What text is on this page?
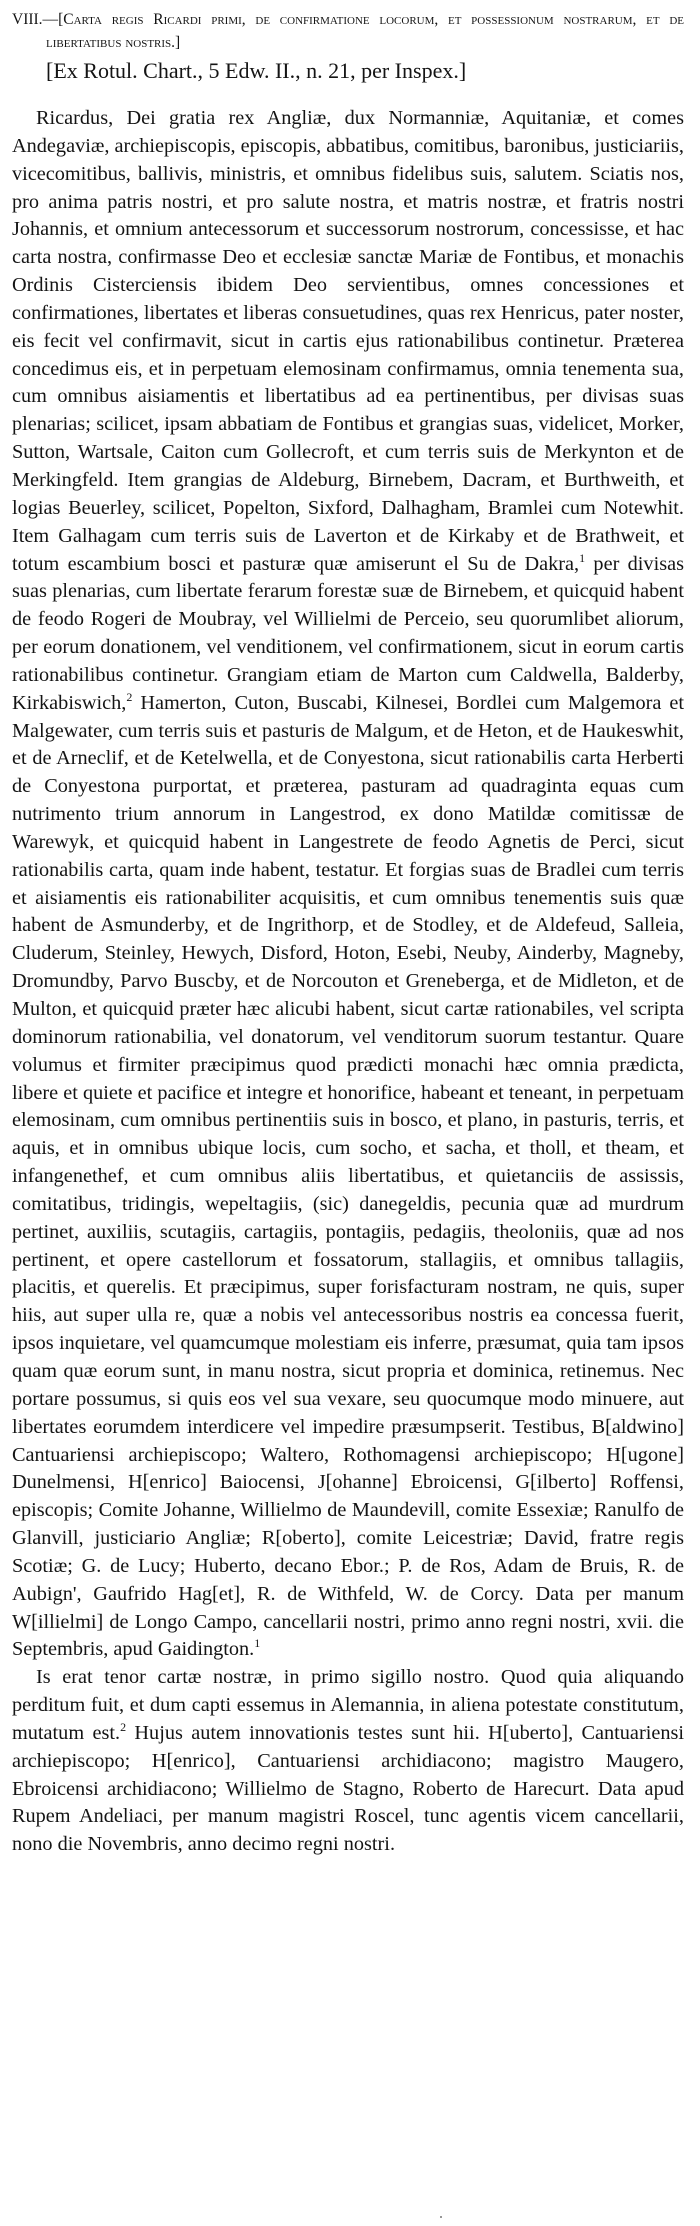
VIII.—[Carta regis Ricardi primi, de confirmatione locorum, et possessionum nostrarum, et de libertatibus nostris.]
[Ex Rotul. Chart., 5 Edw. II., n. 21, per Inspex.]

Ricardus, Dei gratia rex Angliæ, dux Normanniæ, Aquitaniæ, et comes Andegaviæ, archiepiscopis, episcopis, abbatibus, comitibus, baronibus, justiciariis, vicecomitibus, ballivis, ministris, et omnibus fidelibus suis, salutem. Sciatis nos, pro anima patris nostri, et pro salute nostra, et matris nostræ, et fratris nostri Johannis, et omnium antecessorum et successorum nostrorum, concessisse, et hac carta nostra, confirmasse Deo et ecclesiæ sanctæ Mariæ de Fontibus, et monachis Ordinis Cisterciensis ibidem Deo servientibus, omnes concessiones et confirmationes, libertates et liberas consuetudines, quas rex Henricus, pater noster, eis fecit vel confirmavit, sicut in cartis ejus rationabilibus continetur. Præterea concedimus eis, et in perpetuam elemosinam confirmamus, omnia tenementa sua, cum omnibus aisiamentis et libertatibus ad ea pertinentibus, per divisas suas plenarias; scilicet, ipsam abbatiam de Fontibus et grangias suas, videlicet, Morker, Sutton, Wartsale, Caiton cum Gollecroft, et cum terris suis de Merkynton et de Merkingfeld. Item grangias de Aldeburg, Birnebem, Dacram, et Burthweith, et logias Beuerley, scilicet, Popelton, Sixford, Dalhagham, Bramlei cum Notewhit. Item Galhagam cum terris suis de Laverton et de Kirkaby et de Brathweit, et totum escambium bosci et pasturæ quæ amiserunt el Su de Dakra,$^1$ per divisas suas plenarias, cum libertate ferarum forestæ suæ de Birnebem, et quicquid habent de feodo Rogeri de Moubray, vel Willielmi de Perceio, seu quorumlibet aliorum, per eorum donationem, vel venditionem, vel confirmationem, sicut in eorum cartis rationabilibus continetur. Grangiam etiam de Marton cum Caldwella, Balderby, Kirkabiswich,$^2$ Hamerton, Cuton, Buscabi, Kilnesei, Bordlei cum Malgemora et Malgewater, cum terris suis et pasturis de Malgum, et de Heton, et de Haukeswhit, et de Arneclif, et de Ketelwella, et de Conyestona, sicut rationabilis carta Herberti de Conyestona purportat, et præterea, pasturam ad quadraginta equas cum nutrimento trium annorum in Langestrod, ex dono Matildæ comitissæ de Warewyk, et quicquid habent in Langestrete de feodo Agnetis de Perci, sicut rationabilis carta, quam inde habent, testatur. Et forgias suas de Bradlei cum terris et aisiamentis eis rationabiliter acquisitis, et cum omnibus tenementis suis quæ habent de Asmunderby, et de Ingrithorp, et de Stodley, et de Aldefeud, Salleia, Cluderum, Steinley, Hewych, Disford, Hoton, Esebi, Neuby, Ainderby, Magneby, Dromundby, Parvo Buscby, et de Norcouton et Greneberga, et de Midleton, et de Multon, et quicquid præter hæc alicubi habent, sicut cartæ rationabiles, vel scripta dominorum rationabilia, vel donatorum, vel venditorum suorum testantur. Quare volumus et firmiter præcipimus quod prædicti monachi hæc omnia prædicta, libere et quiete et pacifice et integre et honorifice, habeant et teneant, in perpetuam elemosinam, cum omnibus pertinentiis suis in bosco, et plano, in pasturis, terris, et aquis, et in omnibus ubique locis, cum socho, et sacha, et tholl, et theam, et infangenethef, et cum omnibus aliis libertatibus, et quietanciis de assissis, comitatibus, tridingis, wepeltagiis, (sic) danegeldis, pecunia quæ ad murdrum pertinet, auxiliis, scutagiis, cartagiis, pontagiis, pedagiis, theoloniis, quæ ad nos pertinent, et opere castellorum et fossatorum, stallagiis, et omnibus tallagiis, placitis, et querelis. Et præcipimus, super forisfacturam nostram, ne quis, super hiis, aut super ulla re, quæ a nobis vel antecessoribus nostris ea concessa fuerit, ipsos inquietare, vel quamcumque molestiam eis inferre, præsumat, quia tam ipsos quam quæ eorum sunt, in manu nostra, sicut propria et dominica, retinemus. Nec portare possumus, si quis eos vel sua vexare, seu quocumque modo minuere, aut libertates eorumdem interdicere vel impedire præsumpserit. Testibus, B[aldwino] Cantuariensi archiepiscopo; Waltero, Rothomagensi archiepiscopo; H[ugone] Dunelmensi, H[enrico] Baiocensi, J[ohanne] Ebroicensi, G[ilberto] Roffensi, episcopis; Comite Johanne, Willielmo de Maundevill, comite Essexiæ; Ranulfo de Glanvill, justiciario Angliæ; R[oberto], comite Leicestriæ; David, fratre regis Scotiæ; G. de Lucy; Huberto, decano Ebor.; P. de Ros, Adam de Bruis, R. de Aubign', Gaufrido Hag[et], R. de Withfeld, W. de Corcy. Data per manum W[illielmi] de Longo Campo, cancellarii nostri, primo anno regni nostri, xvii. die Septembris, apud Gaidington.$^1$

Is erat tenor cartæ nostræ, in primo sigillo nostro. Quod quia aliquando perditum fuit, et dum capti essemus in Alemannia, in aliena potestate constitutum, mutatum est.$^2$ Hujus autem innovationis testes sunt hii. H[uberto], Cantuariensi archiepiscopo; H[enrico], Cantuariensi archidiacono; magistro Maugero, Ebroicensi archidiacono; Willielmo de Stagno, Roberto de Harecurt. Data apud Rupem Andeliaci, per manum magistri Roscel, tunc agentis vicem cancellarii, nono die Novembris, anno decimo regni nostri.
